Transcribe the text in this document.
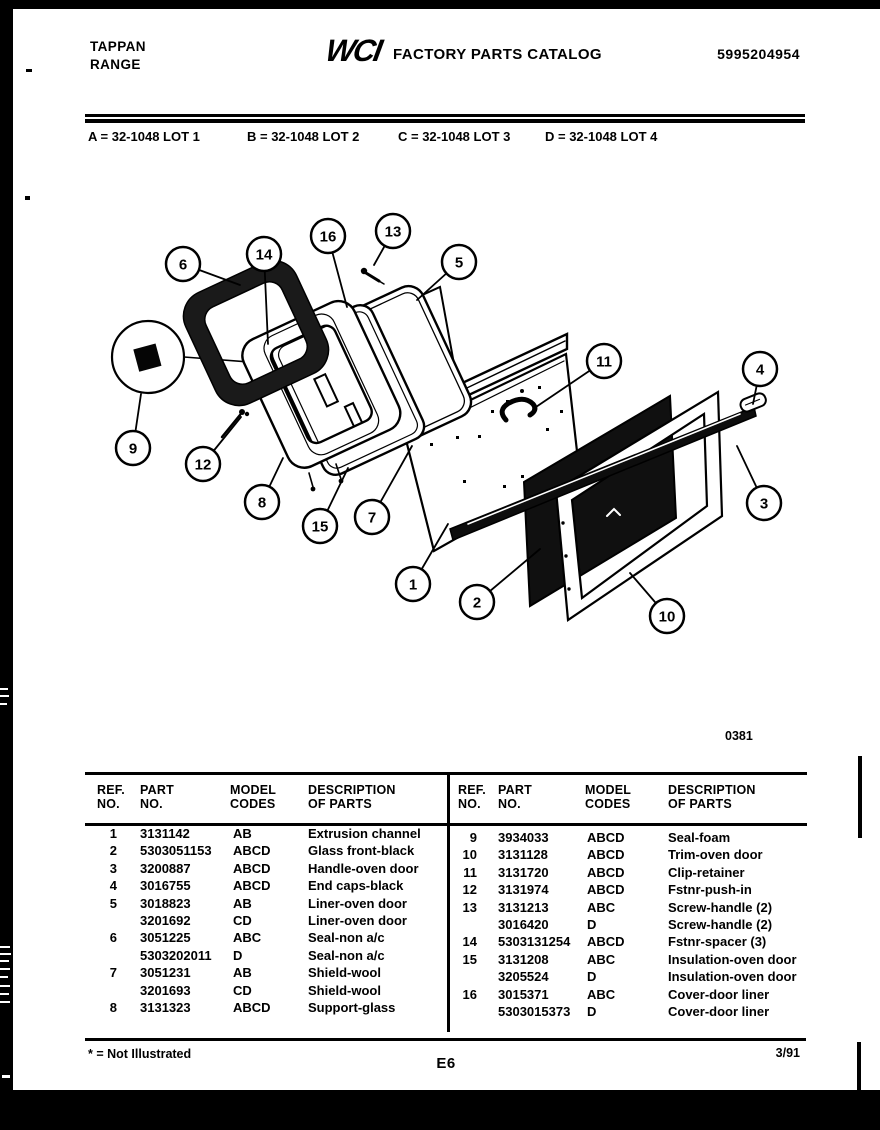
TAPPAN
RANGE	WCI FACTORY PARTS CATALOG	5995204954
A = 32-1048 LOT 1	B = 32-1048 LOT 2	C = 32-1048 LOT 3	D = 32-1048 LOT 4
1
2
3
4
5
6
7
8
9
10
11
12
13
14
15
16
0381
REF.
NO.
PART
NO.
MODEL
CODES
DESCRIPTION
OF PARTS
1	3131142	AB	Extrusion channel
2	5303051153	ABCD	Glass front-black
3	3200887	ABCD	Handle-oven door
4	3016755	ABCD	End caps-black
5	3018823	AB	Liner-oven door
3201692	CD	Liner-oven door
6	3051225	ABC	Seal-non a/c
5303202011	D	Seal-non a/c
7	3051231	AB	Shield-wool
3201693	CD	Shield-wool
8	3131323	ABCD	Support-glass
REF.
NO.
PART
NO.
MODEL
CODES
DESCRIPTION
OF PARTS
9	3934033	ABCD	Seal-foam
10	3131128	ABCD	Trim-oven door
11	3131720	ABCD	Clip-retainer
12	3131974	ABCD	Fstnr-push-in
13	3131213	ABC	Screw-handle (2)
3016420	D	Screw-handle (2)
14	5303131254	ABCD	Fstnr-spacer (3)
15	3131208	ABC	Insulation-oven door
3205524	D	Insulation-oven door
16	3015371	ABC	Cover-door liner
5303015373	D	Cover-door liner
* = Not Illustrated
E6
3/91
